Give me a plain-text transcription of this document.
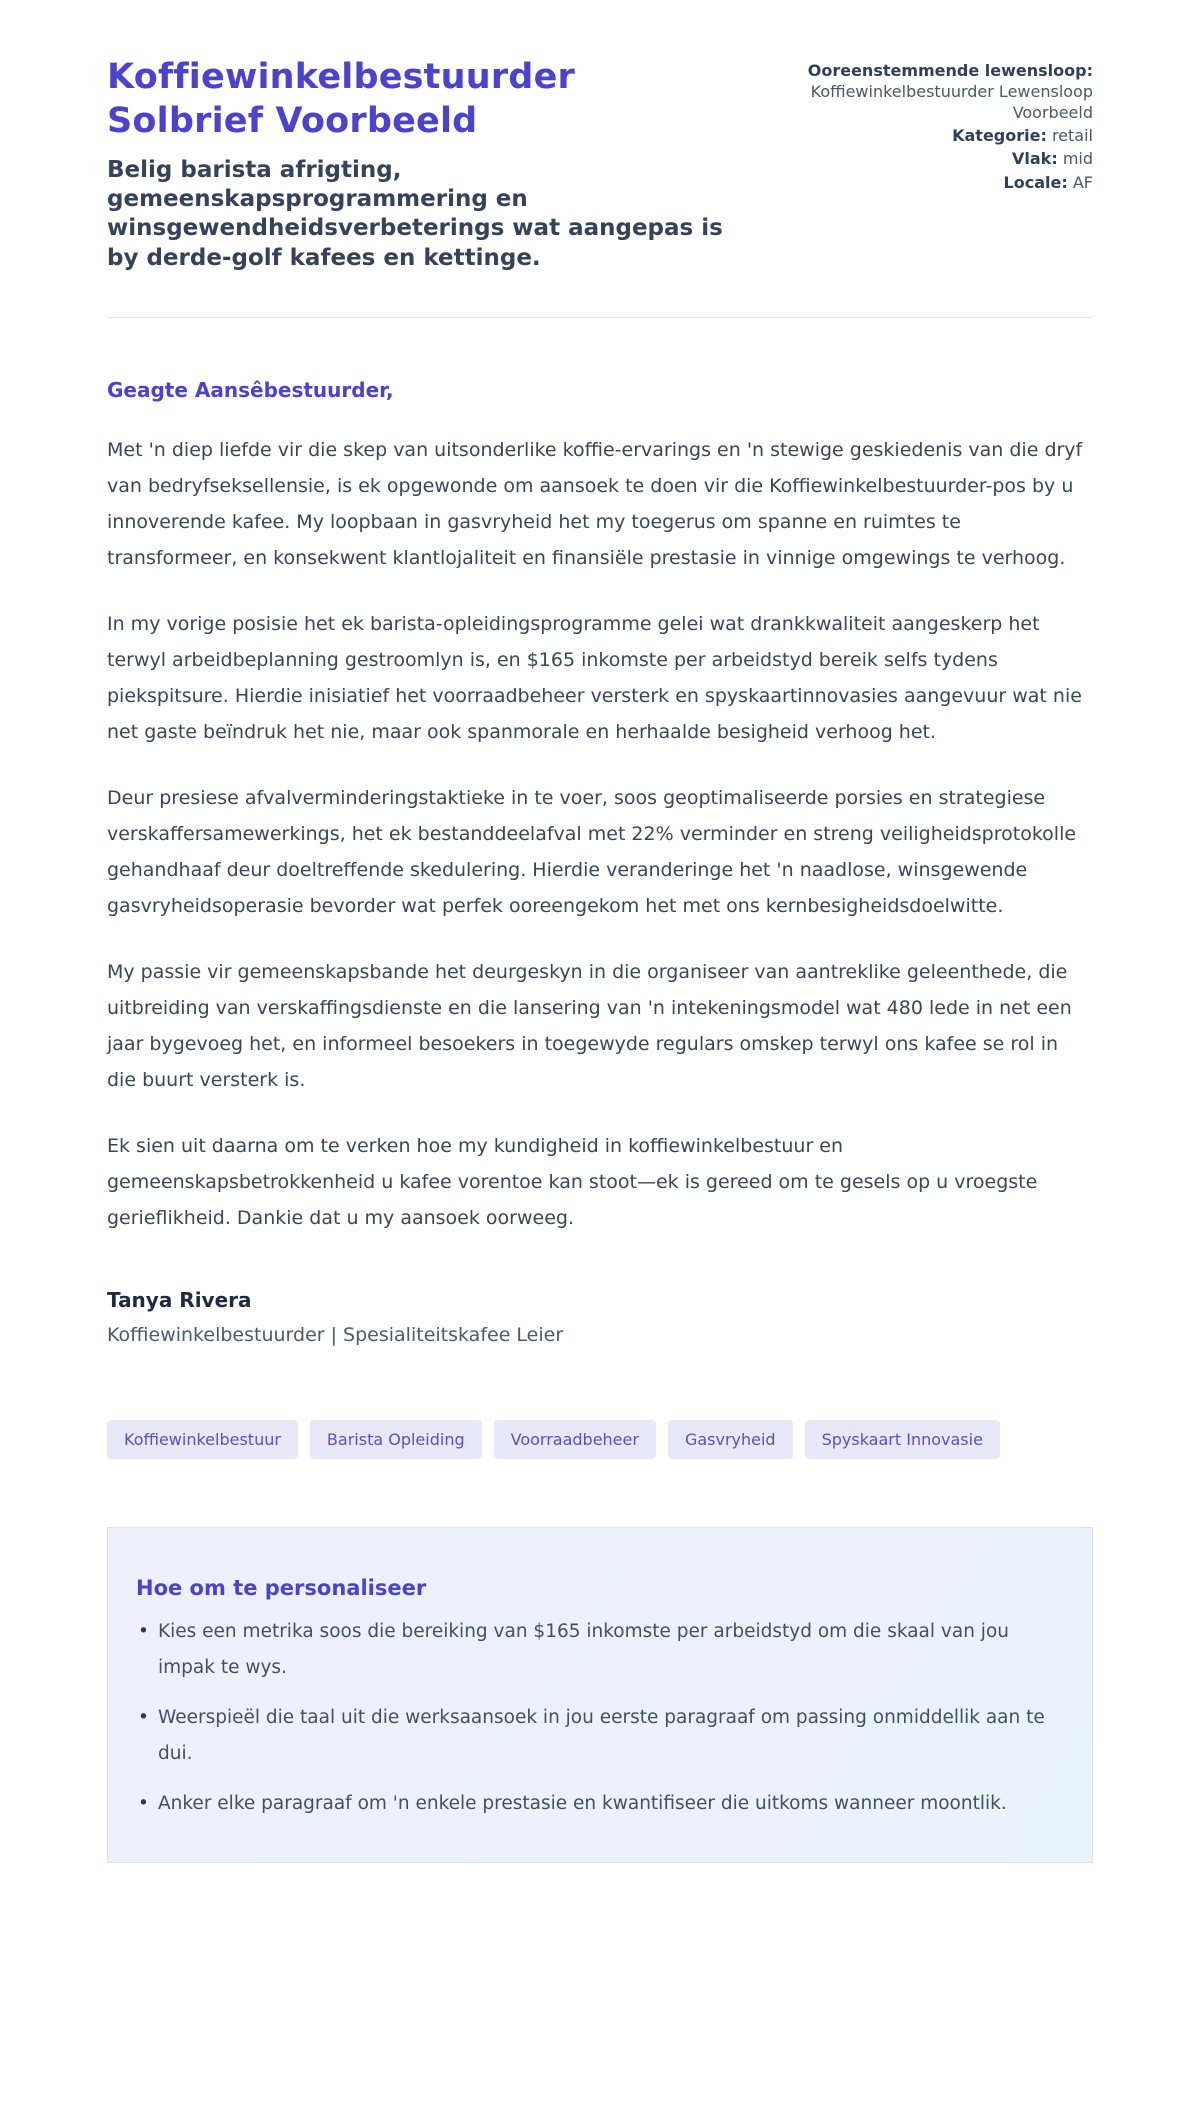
Koffiewinkelbestuurder Solbrief Voorbeeld
Belig barista afrigting, gemeenskapsprogrammering en winsgewendheidsverbeterings wat aangepas is by derde-golf kafees en kettinge.
Ooreenstemmende lewensloop: Koffiewinkelbestuurder Lewensloop Voorbeeld
Kategorie: retail
Vlak: mid
Locale: AF
Geagte Aansêbestuurder,

Met 'n diep liefde vir die skep van uitsonderlike koffie-ervarings en 'n stewige geskiedenis van die dryf van bedryfseksellensie, is ek opgewonde om aansoek te doen vir die Koffiewinkelbestuurder-pos by u innoverende kafee. My loopbaan in gasvryheid het my toegerus om spanne en ruimtes te transformeer, en konsekwent klantlojaliteit en finansiële prestasie in vinnige omgewings te verhoog.

In my vorige posisie het ek barista-opleidingsprogramme gelei wat drankkwaliteit aangeskerp het terwyl arbeidbeplanning gestroomlyn is, en $165 inkomste per arbeidstyd bereik selfs tydens piekspitsure. Hierdie inisiatief het voorraadbeheer versterk en spyskaartinnovasies aangevuur wat nie net gaste beïndruk het nie, maar ook spanmorale en herhaalde besigheid verhoog het.

Deur presiese afvalverminderingstaktieke in te voer, soos geoptimaliseerde porsies en strategiese verskaffersamewerkings, het ek bestanddeelafval met 22% verminder en streng veiligheidsprotokolle gehandhaaf deur doeltreffende skedulering. Hierdie veranderinge het 'n naadlose, winsgewende gasvryheidsoperasie bevorder wat perfek ooreengekom het met ons kernbesigheidsdoelwitte.

My passie vir gemeenskapsbande het deurgeskyn in die organiseer van aantreklike geleenthede, die uitbreiding van verskaffingsdienste en die lansering van 'n intekeningsmodel wat 480 lede in net een jaar bygevoeg het, en informeel besoekers in toegewyde regulars omskep terwyl ons kafee se rol in die buurt versterk is.

Ek sien uit daarna om te verken hoe my kundigheid in koffiewinkelbestuur en gemeenskapsbetrokkenheid u kafee vorentoe kan stoot—ek is gereed om te gesels op u vroegste gerieflikheid. Dankie dat u my aansoek oorweeg.

Tanya Rivera
Koffiewinkelbestuurder | Spesialiteitskafee Leier
Koffiewinkelbestuur	Barista Opleiding	Voorraadbeheer	Gasvryheid	Spyskaart Innovasie
Hoe om te personaliseer
• Kies een metrika soos die bereiking van $165 inkomste per arbeidstyd om die skaal van jou impak te wys.
• Weerspieël die taal uit die werksaansoek in jou eerste paragraaf om passing onmiddellik aan te dui.
• Anker elke paragraaf om 'n enkele prestasie en kwantifiseer die uitkoms wanneer moontlik.
